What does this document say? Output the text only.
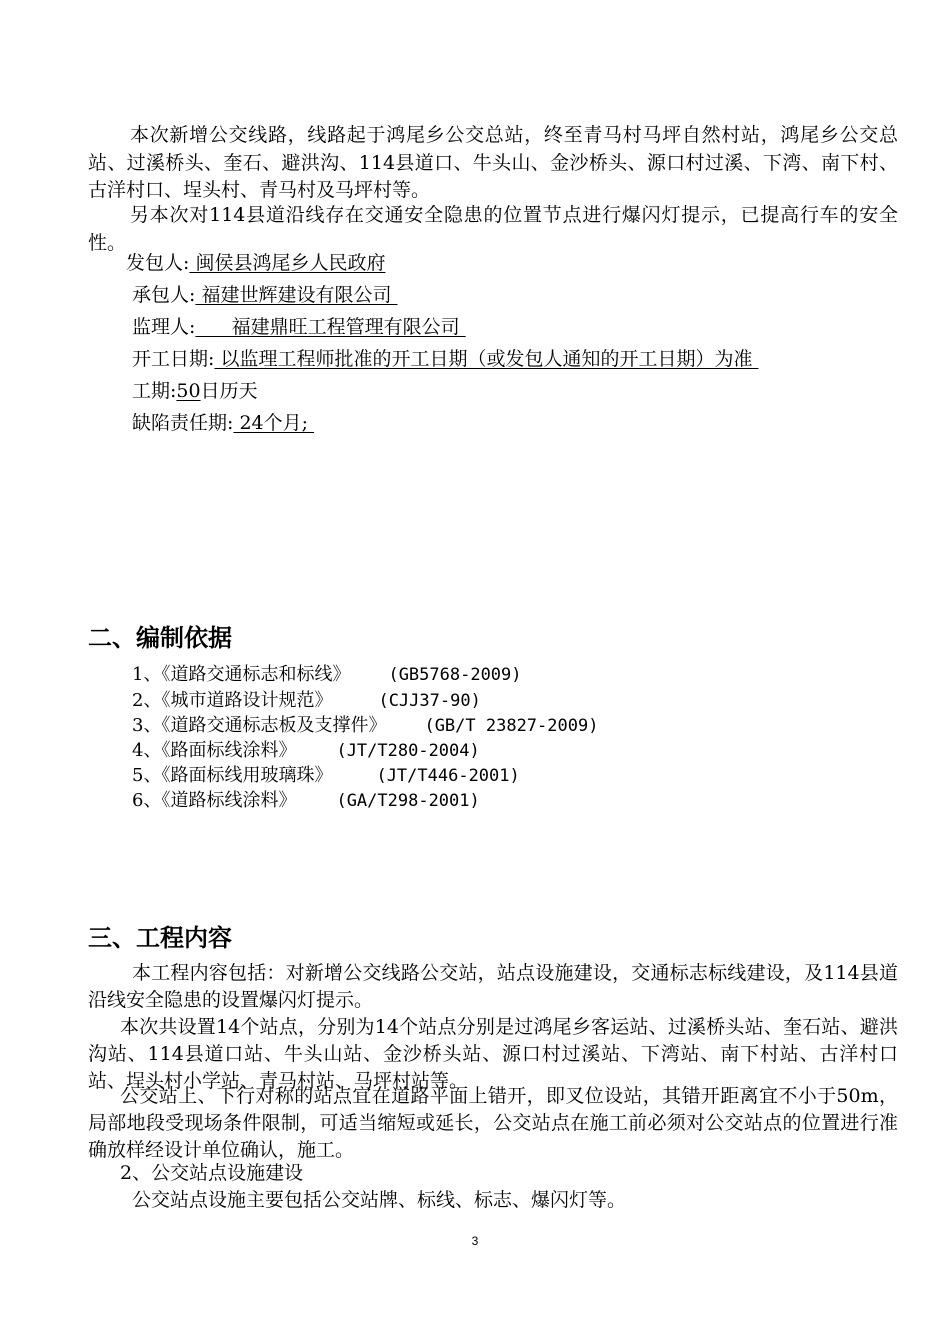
本次新增公交线路，线路起于鸿尾乡公交总站，终至青马村马坪自然村站，鸿尾乡公交总站、过溪桥头、奎石、避洪沟、114县道口、牛头山、金沙桥头、源口村过溪、下湾、南下村、古洋村口、埕头村、青马村及马坪村等。
另本次对114县道沿线存在交通安全隐患的位置节点进行爆闪灯提示，已提高行车的安全性。
发包人: 闽侯县鸿尾乡人民政府
承包人: 福建世辉建设有限公司
监理人:      福建鼎旺工程管理有限公司
开工日期: 以监理工程师批准的开工日期（或发包人通知的开工日期）为准
工期:50日历天
缺陷责任期: 24个月;
二、编制依据
1、《道路交通标志和标线》 (GB5768-2009)
2、《城市道路设计规范》	(CJJ37-90)
3、《道路交通标志板及支撑件》 (GB/T 23827-2009)
4、《路面标线涂料》 (JT/T280-2004)
5、《路面标线用玻璃珠》	(JT/T446-2001)
6、《道路标线涂料》 (GA/T298-2001)
三、工程内容
本工程内容包括：对新增公交线路公交站，站点设施建设，交通标志标线建设，及114县道沿线安全隐患的设置爆闪灯提示。
本次共设置14个站点，分别为14个站点分别是过鸿尾乡客运站、过溪桥头站、奎石站、避洪沟站、114县道口站、牛头山站、金沙桥头站、源口村过溪站、下湾站、南下村站、古洋村口站、埕头村小学站、青马村站、马坪村站等。
公交站上、下行对称的站点宜在道路平面上错开，即叉位设站，其错开距离宜不小于50m，局部地段受现场条件限制，可适当缩短或延长，公交站点在施工前必须对公交站点的位置进行准确放样经设计单位确认，施工。
2、公交站点设施建设
公交站点设施主要包括公交站牌、标线、标志、爆闪灯等。
3
